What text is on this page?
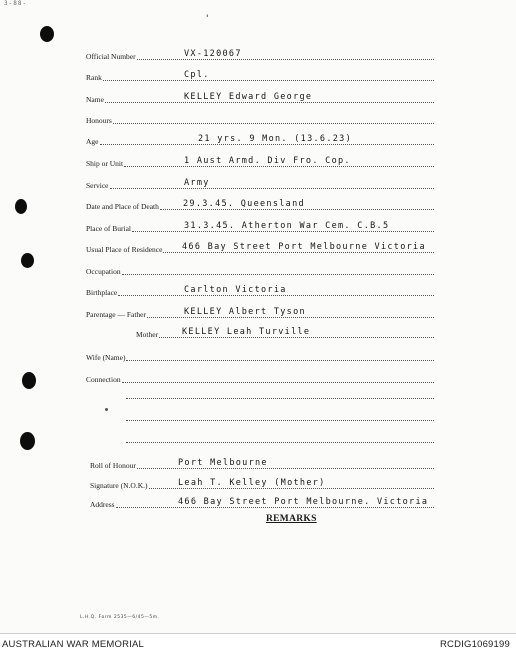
3-88-
'
Official Number	VX-120067
Rank	Cpl.
Name	KELLEY Edward George
Honours
Age	21 yrs. 9 Mon. (13.6.23)
Ship or Unit	1 Aust Armd. Div Fro. Cop.
Service	Army
Date and Place of Death	29.3.45. Queensland
Place of Burial	31.3.45. Atherton War Cem. C.B.5
Usual Place of Residence 466 Bay Street Port Melbourne Victoria
Occupation
Birthplace	Carlton Victoria
Parentage — Father	KELLEY Albert Tyson
Mother	KELLEY Leah Turville
Wife (Name)
Connection
Roll of Honour	Port Melbourne
Signature (N.O.K.)	Leah T. Kelley (Mother)
Address	466 Bay Street Port Melbourne. Victoria
REMARKS
L.H.Q. Form 2535—6/45—5m.
AUSTRALIAN WAR MEMORIAL	RCDIG1069199
